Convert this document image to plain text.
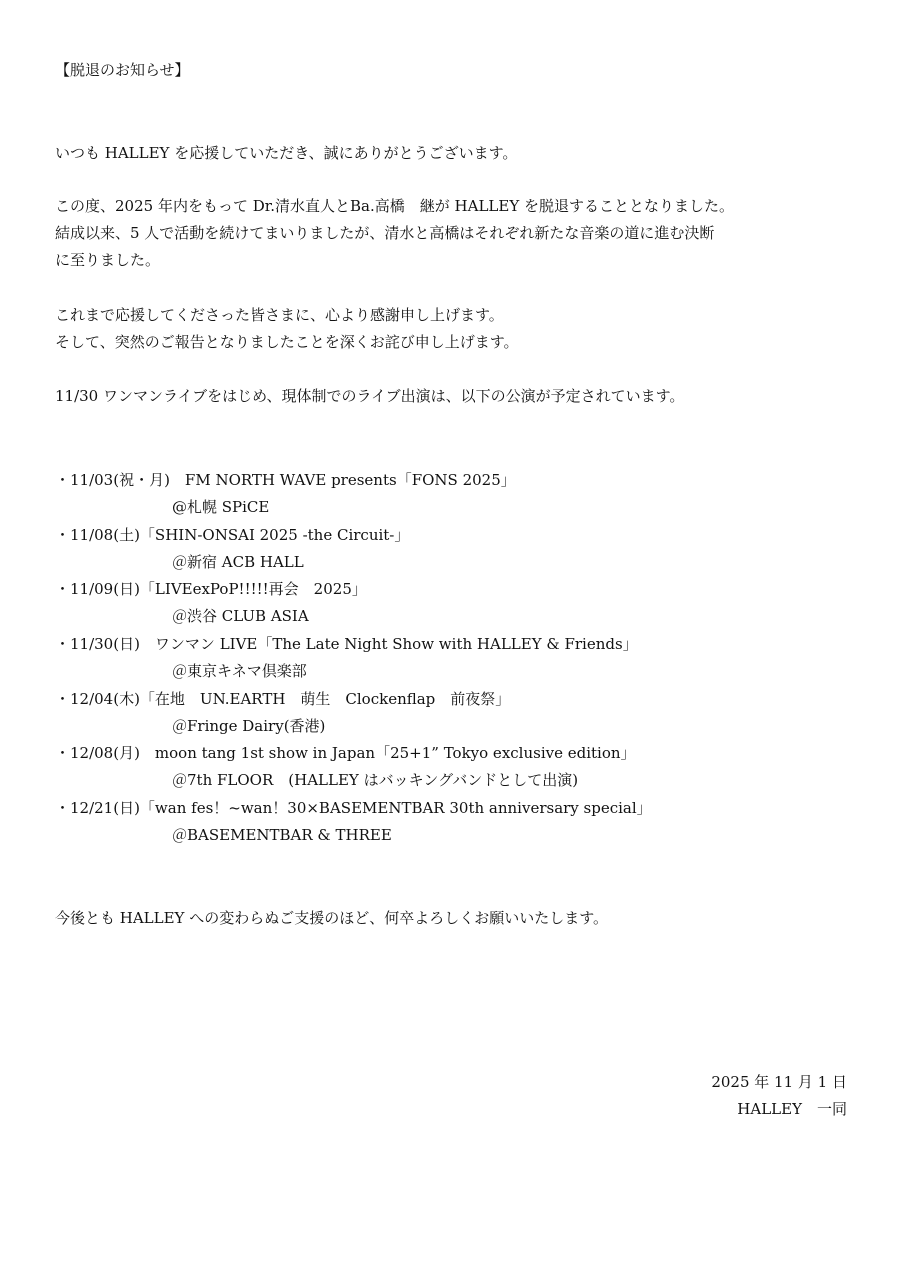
【脱退のお知らせ】
いつも HALLEY を応援していただき、誠にありがとうございます。
この度、2025 年内をもって Dr.清水直人とBa.高橋　継が HALLEY を脱退することとなりました。
結成以来、5 人で活動を続けてまいりましたが、清水と高橋はそれぞれ新たな音楽の道に進む決断
に至りました。
これまで応援してくださった皆さまに、心より感謝申し上げます。
そして、突然のご報告となりましたことを深くお詫び申し上げます。
11/30 ワンマンライブをはじめ、現体制でのライブ出演は、以下の公演が予定されています。
・11/03(祝・月)　FM NORTH WAVE presents「FONS 2025」
@札幌 SPiCE
・11/08(土)「SHIN-ONSAI 2025 -the Circuit-」
＠新宿 ACB HALL
・11/09(日)「LIVEexPoP!!!!!再会　2025」
＠渋谷 CLUB ASIA
・11/30(日)　ワンマン LIVE「The Late Night Show with HALLEY & Friends」
＠東京キネマ倶楽部
・12/04(木)「在地　UN.EARTH　萌生　Clockenflap　前夜祭」
＠Fringe Dairy(香港)
・12/08(月)　moon tang 1st show in Japan「25+1” Tokyo exclusive edition」
＠7th FLOOR　(HALLEY はバッキングバンドとして出演)
・12/21(日)「wan fes！~wan！30×BASEMENTBAR 30th anniversary special」
＠BASEMENTBAR & THREE
今後とも HALLEY への変わらぬご支援のほど、何卒よろしくお願いいたします。
2025 年 11 月 1 日
HALLEY　一同
